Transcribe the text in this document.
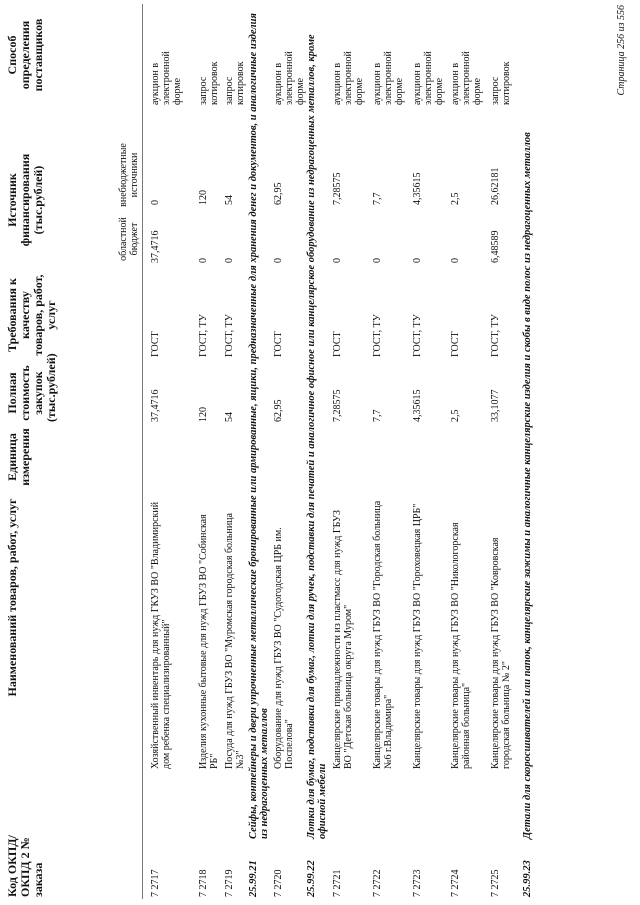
Код ОКПД/ ОКПД 2 № заказа
Наименований товаров, работ, услуг
Единица измерения
Полная стоимость закупок (тыс.рублей)
Требования к качеству товаров, работ, услуг
Источник финансирования (тыс.рублей)
Способ определения поставщиков
областной бюджет
внебюджетные источники
7 2717
Хозяйственный инвентарь для нужд ГКУЗ ВО "Владимирский дом ребенка специализированный"
37,4716
ГОСТ
37,4716
0
аукцион в электронной форме
7 2718
Изделия кухонные бытовые для нужд ГБУЗ ВО "Собинская РБ"
120
ГОСТ, ТУ
0
120
запрос котировок
7 2719
Посуда для нужд ГБУЗ ВО "Муромская городская больница №3"
54
ГОСТ, ТУ
0
54
запрос котировок
25.99.21
Сейфы, контейнеры и двери упрочненные металлические бронированные или армированные, ящики, предназначенные для хранения денег и документов, и аналогичные изделия из недрагоценных металлов
7 2720
Оборудование для нужд ГБУЗ ВО "Судогодская ЦРБ им. Поспелова"
62,95
ГОСТ
0
62,95
аукцион в электронной форме
25.99.22
Лотки для бумаг, подставки для бумаг, лотки для ручек, подставки для печатей и аналогичное офисное или канцелярское оборудование из недрагоценных металлов, кроме офисной мебели
7 2721
Канцелярские принадлежности из пластмасс для нужд ГБУЗ ВО "Детская больница округа Муром"
7,28575
ГОСТ
0
7,28575
аукцион в электронной форме
7 2722
Канцелярские товары для нужд ГБУЗ ВО "Городская больница №6 г.Владимира"
7,7
ГОСТ, ТУ
0
7,7
аукцион в электронной форме
7 2723
Канцелярские товары для нужд ГБУЗ ВО "Гороховецкая ЦРБ"
4,35615
ГОСТ, ТУ
0
4,35615
аукцион в электронной форме
7 2724
Канцелярские товары для нужд ГБУЗ ВО "Никологорская районная больница"
2,5
ГОСТ
0
2,5
аукцион в электронной форме
7 2725
Канцелярские товары для нужд ГБУЗ ВО "Ковровская городская больница № 2"
33,1077
ГОСТ, ТУ
6,48589
26,62181
запрос котировок
25.99.23
Детали для скоросшивателей или папок, канцелярские зажимы и аналогичные канцелярские изделия и скобы в виде полос из недрагоценных металлов
Страница 256 из 556
